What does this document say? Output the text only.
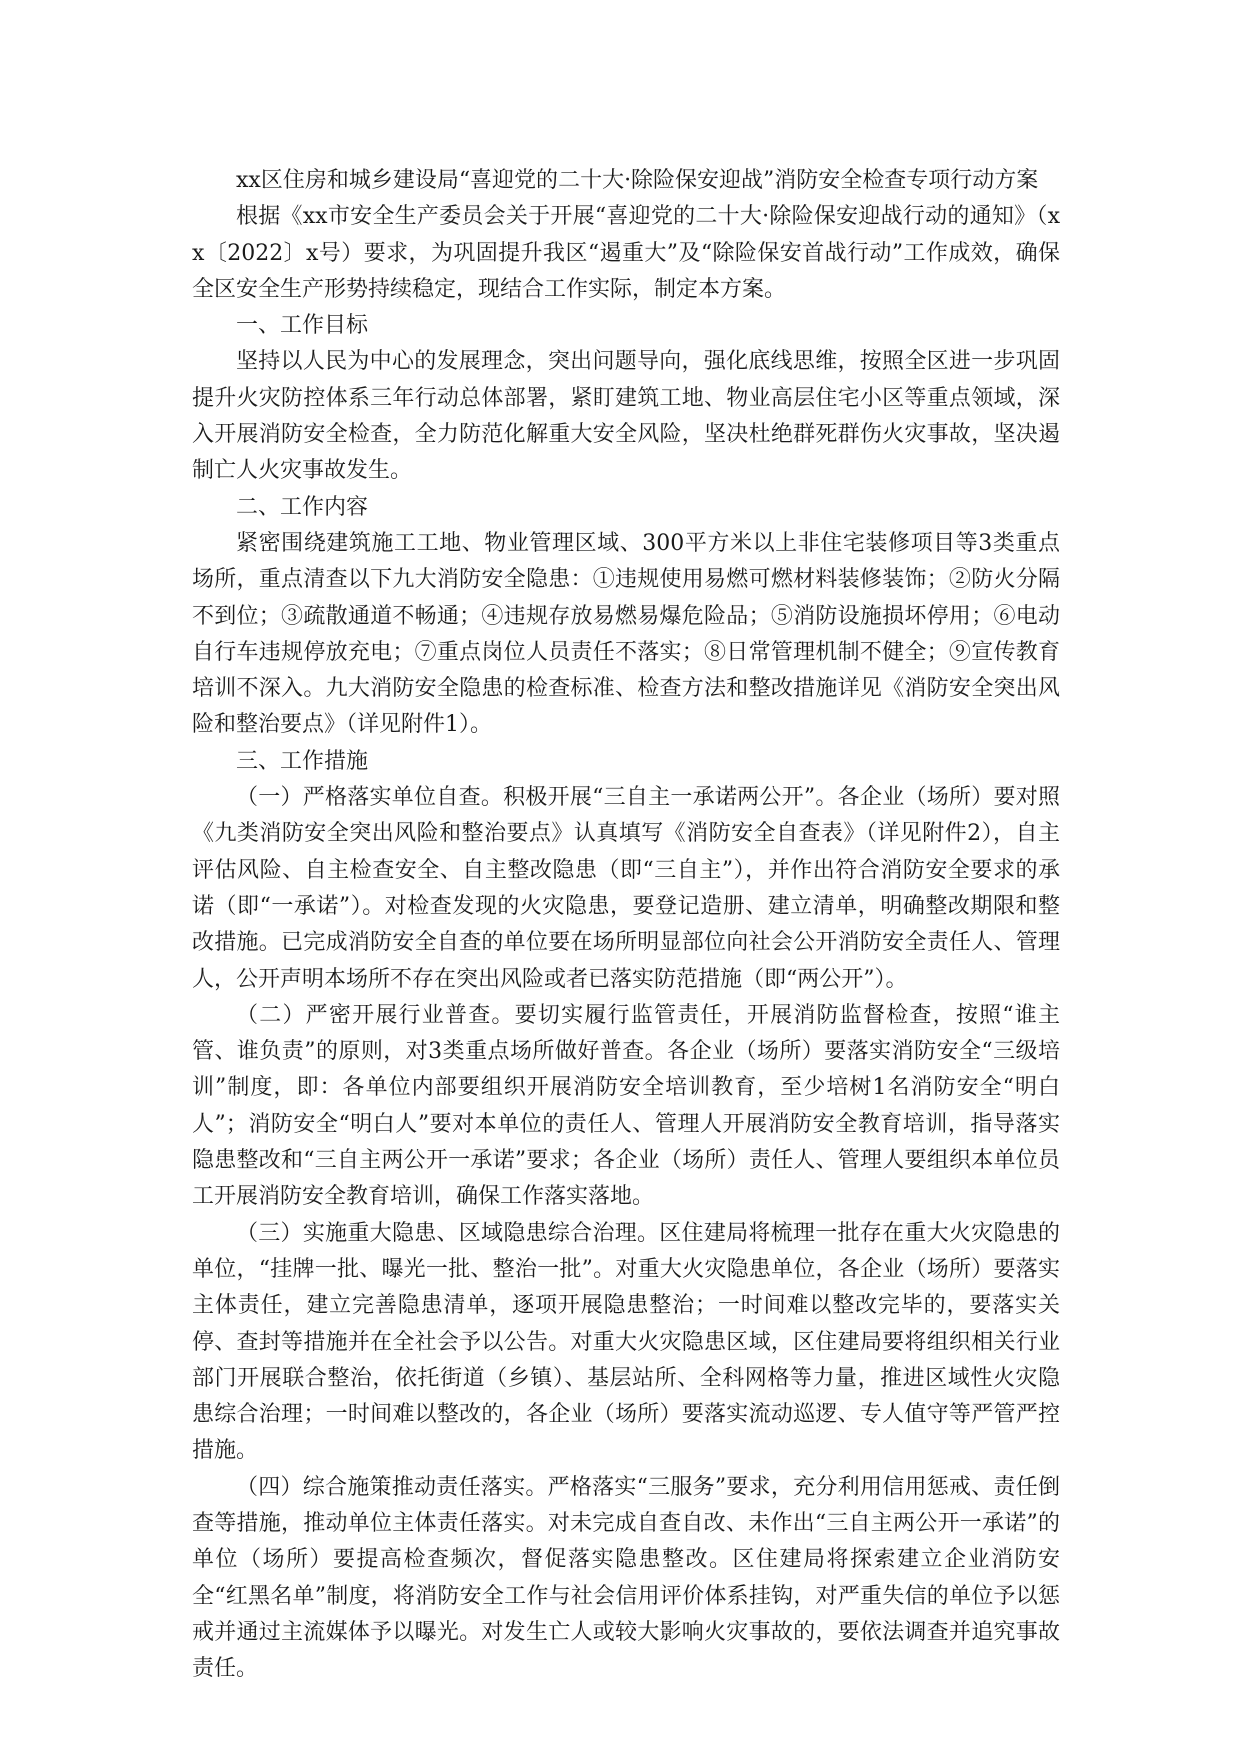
xx区住房和城乡建设局“喜迎党的二十大·除险保安迎战”消防安全检查专项行动方案

根据《xx市安全生产委员会关于开展“喜迎党的二十大·除险保安迎战行动的通知》（xx〔2022〕x号）要求，为巩固提升我区“遏重大”及“除险保安首战行动”工作成效，确保全区安全生产形势持续稳定，现结合工作实际，制定本方案。

一、工作目标

坚持以人民为中心的发展理念，突出问题导向，强化底线思维，按照全区进一步巩固提升火灾防控体系三年行动总体部署，紧盯建筑工地、物业高层住宅小区等重点领域，深入开展消防安全检查，全力防范化解重大安全风险，坚决杜绝群死群伤火灾事故，坚决遏制亡人火灾事故发生。

二、工作内容

紧密围绕建筑施工工地、物业管理区域、300平方米以上非住宅装修项目等3类重点场所，重点清查以下九大消防安全隐患：①违规使用易燃可燃材料装修装饰；②防火分隔不到位；③疏散通道不畅通；④违规存放易燃易爆危险品；⑤消防设施损坏停用；⑥电动自行车违规停放充电；⑦重点岗位人员责任不落实；⑧日常管理机制不健全；⑨宣传教育培训不深入。九大消防安全隐患的检查标准、检查方法和整改措施详见《消防安全突出风险和整治要点》（详见附件1）。

三、工作措施

（一）严格落实单位自查。积极开展“三自主一承诺两公开”。各企业（场所）要对照《九类消防安全突出风险和整治要点》认真填写《消防安全自查表》（详见附件2），自主评估风险、自主检查安全、自主整改隐患（即“三自主”），并作出符合消防安全要求的承诺（即“一承诺”）。对检查发现的火灾隐患，要登记造册、建立清单，明确整改期限和整改措施。已完成消防安全自查的单位要在场所明显部位向社会公开消防安全责任人、管理人，公开声明本场所不存在突出风险或者已落实防范措施（即“两公开”）。

（二）严密开展行业普查。要切实履行监管责任，开展消防监督检查，按照“谁主管、谁负责”的原则，对3类重点场所做好普查。各企业（场所）要落实消防安全“三级培训”制度，即：各单位内部要组织开展消防安全培训教育，至少培树1名消防安全“明白人”；消防安全“明白人”要对本单位的责任人、管理人开展消防安全教育培训，指导落实隐患整改和“三自主两公开一承诺”要求；各企业（场所）责任人、管理人要组织本单位员工开展消防安全教育培训，确保工作落实落地。

（三）实施重大隐患、区域隐患综合治理。区住建局将梳理一批存在重大火灾隐患的单位，“挂牌一批、曝光一批、整治一批”。对重大火灾隐患单位，各企业（场所）要落实主体责任，建立完善隐患清单，逐项开展隐患整治；一时间难以整改完毕的，要落实关停、查封等措施并在全社会予以公告。对重大火灾隐患区域，区住建局要将组织相关行业部门开展联合整治，依托街道（乡镇）、基层站所、全科网格等力量，推进区域性火灾隐患综合治理；一时间难以整改的，各企业（场所）要落实流动巡逻、专人值守等严管严控措施。

（四）综合施策推动责任落实。严格落实“三服务”要求，充分利用信用惩戒、责任倒查等措施，推动单位主体责任落实。对未完成自查自改、未作出“三自主两公开一承诺”的单位（场所）要提高检查频次，督促落实隐患整改。区住建局将探索建立企业消防安全“红黑名单”制度，将消防安全工作与社会信用评价体系挂钩，对严重失信的单位予以惩戒并通过主流媒体予以曝光。对发生亡人或较大影响火灾事故的，要依法调查并追究事故责任。
